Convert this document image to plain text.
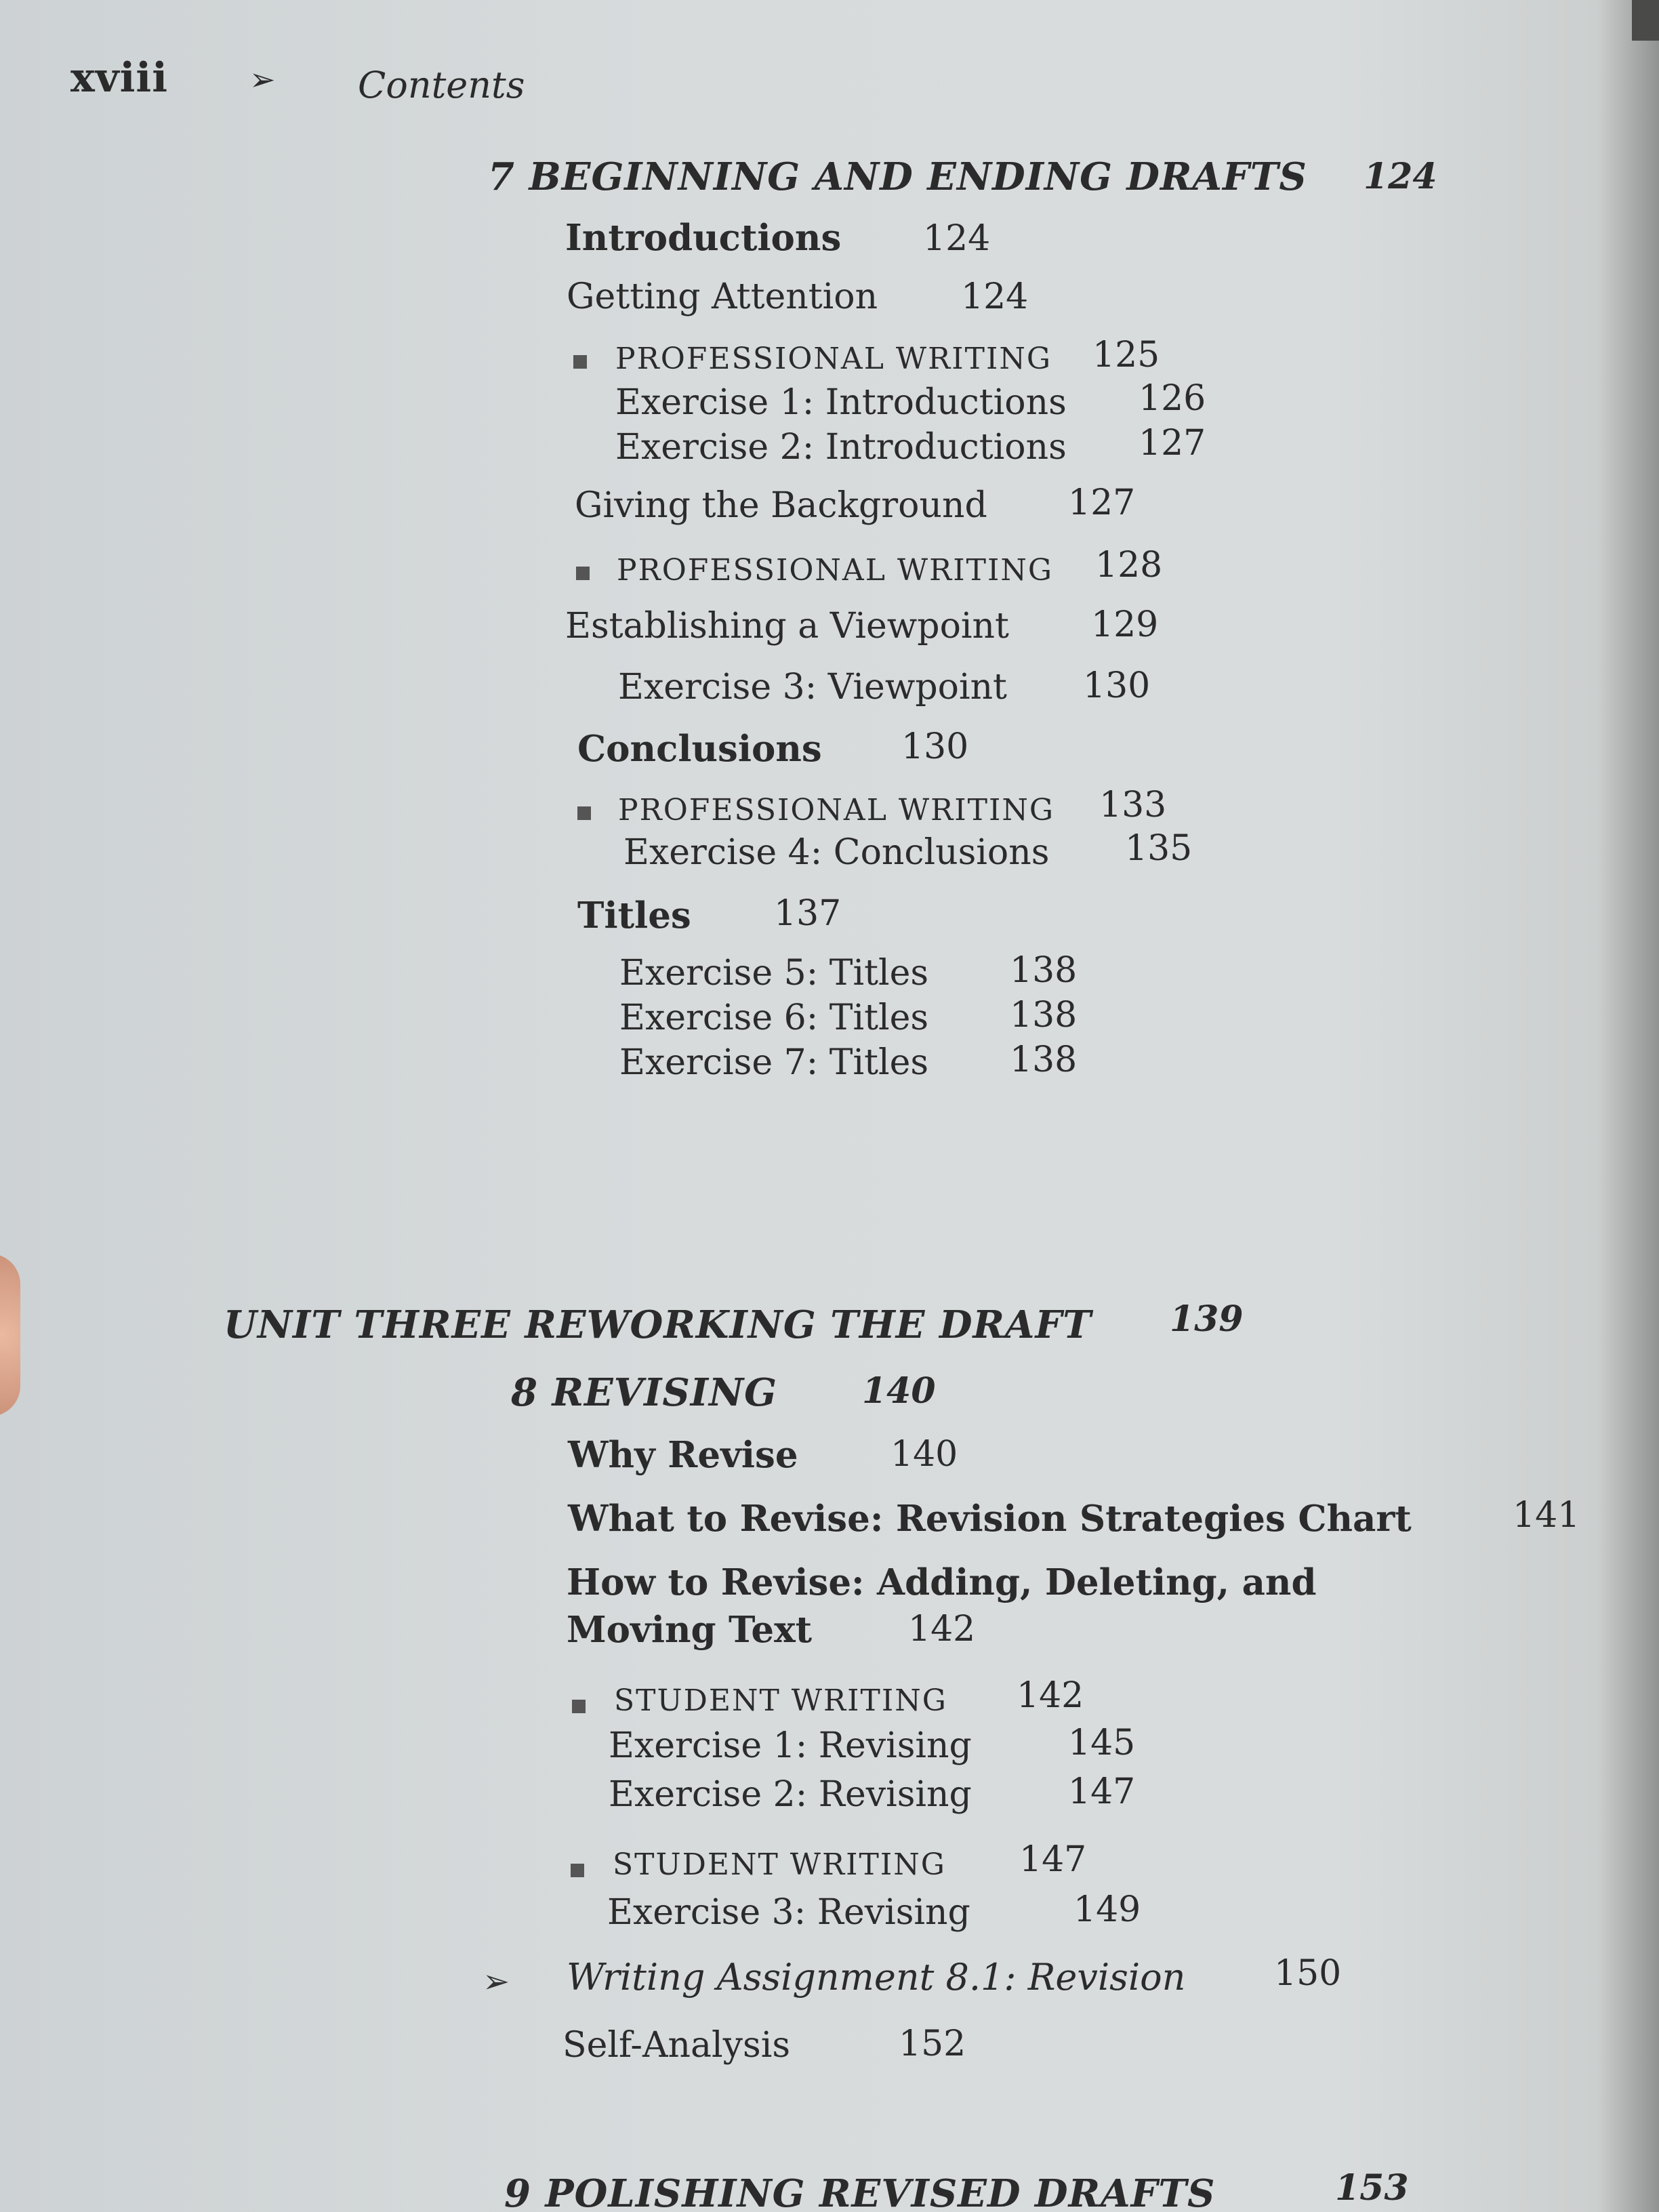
xviii	➢ Contents
7 BEGINNING AND ENDING DRAFTS 124
Introductions 124
Getting Attention 124
PROFESSIONAL WRITING 125
Exercise 1: Introductions 126
Exercise 2: Introductions 127
Giving the Background 127
PROFESSIONAL WRITING 128
Establishing a Viewpoint 129
Exercise 3: Viewpoint 130
Conclusions 130
PROFESSIONAL WRITING 133
Exercise 4: Conclusions 135
Titles 137
Exercise 5: Titles 138
Exercise 6: Titles 138
Exercise 7: Titles 138
UNIT THREE REWORKING THE DRAFT 139
8 REVISING 140
Why Revise	140
What to Revise: Revision Strategies Chart	141
How to Revise: Adding, Deleting, and
Moving Text	142
STUDENT WRITING 142
Exercise 1: Revising	145
Exercise 2: Revising	147
STUDENT WRITING 147
Exercise 3: Revising	149
➢ Writing Assignment 8.1: Revision	150
Self-Analysis	152
9 POLISHING REVISED DRAFTS	153
